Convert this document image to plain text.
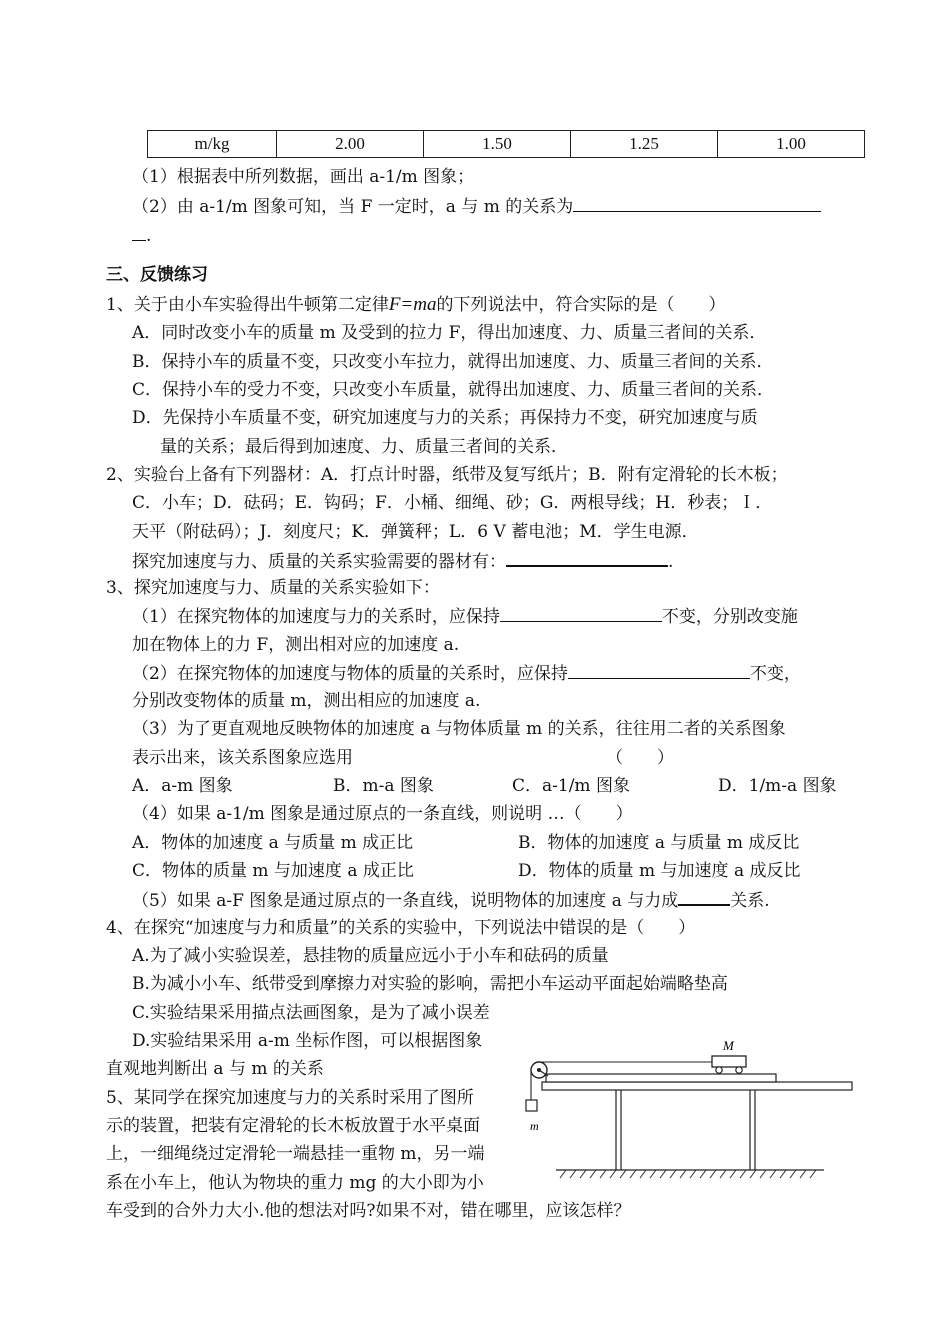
m/kg	2.00	1.50	1.25	1.00
（1）根据表中所列数据，画出 a-1/m 图象；
（2）由 a-1/m 图象可知，当 F 一定时，a 与 m 的关系为
.
三、反馈练习
1、关于由小车实验得出牛顿第二定律F=ma的下列说法中，符合实际的是（　　）
A．同时改变小车的质量 m 及受到的拉力 F，得出加速度、力、质量三者间的关系．
B．保持小车的质量不变，只改变小车拉力，就得出加速度、力、质量三者间的关系．
C．保持小车的受力不变，只改变小车质量，就得出加速度、力、质量三者间的关系．
D．先保持小车质量不变，研究加速度与力的关系；再保持力不变，研究加速度与质
量的关系；最后得到加速度、力、质量三者间的关系．
2、实验台上备有下列器材：A．打点计时器，纸带及复写纸片；B．附有定滑轮的长木板；
C．小车；D．砝码；E．钩码；F．小桶、细绳、砂；G．两根导线；H．秒表；Ｉ．
天平（附砝码）；J．刻度尺；K．弹簧秤；L．6 V 蓄电池；M．学生电源．
探究加速度与力、质量的关系实验需要的器材有：	.
3、探究加速度与力、质量的关系实验如下：
（1）在探究物体的加速度与力的关系时，应保持	不变，分别改变施
加在物体上的力 F，测出相对应的加速度 a.
（2）在探究物体的加速度与物体的质量的关系时，应保持	不变，
分别改变物体的质量 m，测出相应的加速度 a.
（3）为了更直观地反映物体的加速度 a 与物体质量 m 的关系，往往用二者的关系图象
表示出来，该关系图象应选用	（　　）
A．a-m 图象	B．m-a 图象	C．a-1/m 图象	D．1/m-a 图象
（4）如果 a-1/m 图象是通过原点的一条直线，则说明 …（　　）
A．物体的加速度 a 与质量 m 成正比	B．物体的加速度 a 与质量 m 成反比
C．物体的质量 m 与加速度 a 成正比	D．物体的质量 m 与加速度 a 成反比
（5）如果 a-F 图象是通过原点的一条直线，说明物体的加速度 a 与力成	关系.
4、在探究“加速度与力和质量”的关系的实验中，下列说法中错误的是（　　）
A.为了减小实验误差，悬挂物的质量应远小于小车和砝码的质量
B.为减小小车、纸带受到摩擦力对实验的影响，需把小车运动平面起始端略垫高
C.实验结果采用描点法画图象，是为了减小误差
D.实验结果采用 a-m 坐标作图，可以根据图象
直观地判断出 a 与 m 的关系
5、某同学在探究加速度与力的关系时采用了图所
示的装置，把装有定滑轮的长木板放置于水平桌面
上，一细绳绕过定滑轮一端悬挂一重物 m，另一端
系在小车上，他认为物块的重力 mg 的大小即为小
车受到的合外力大小.他的想法对吗?如果不对，错在哪里，应该怎样？
m
M
